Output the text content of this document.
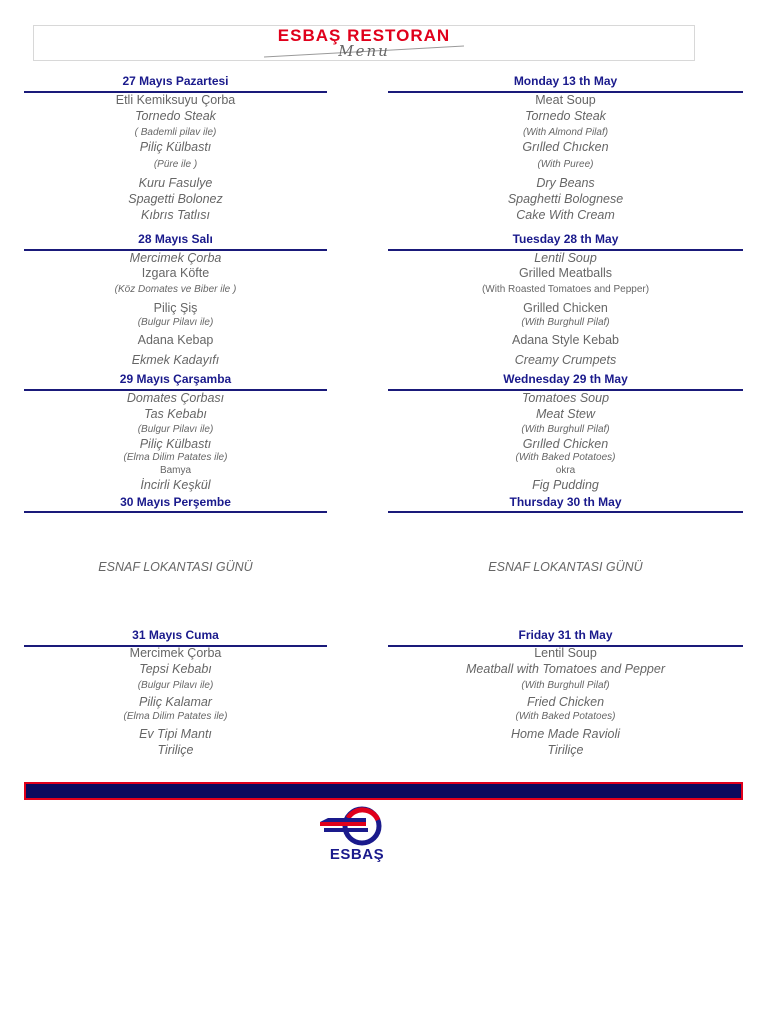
ESBAŞ RESTORAN
Menu
27 Mayıs Pazartesi
Etli Kemiksuyu Çorba
Tornedo Steak
( Bademli pilav ile)
Piliç Külbastı
(Püre ile )
Kuru Fasulye
Spagetti Bolonez
Kıbrıs Tatlısı
28 Mayıs Salı
Mercimek Çorba
Izgara Köfte
(Köz Domates ve Biber ile )
Piliç Şiş
(Bulgur Pilavı ile)
Adana Kebap
Ekmek Kadayıfı
29 Mayıs Çarşamba
Domates Çorbası
Tas Kebabı
(Bulgur Pilavı ile)
Piliç Külbastı
(Elma Dilim Patates ile)
Bamya
İncirli Keşkül
30 Mayıs Perşembe
ESNAF LOKANTASI GÜNÜ
31 Mayıs Cuma
Mercimek Çorba
Tepsi Kebabı
(Bulgur Pilavı ile)
Piliç Kalamar
(Elma Dilim Patates ile)
Ev Tipi Mantı
Tiriliçe
Monday 13 th May
Meat Soup
Tornedo Steak
(With Almond Pilaf)
Grılled Chıcken
(With Puree)
Dry Beans
Spaghetti Bolognese
Cake With Cream
Tuesday 28 th May
Lentil Soup
Grilled Meatballs
(With Roasted Tomatoes and Pepper)
Grilled Chicken
(With Burghull Pilaf)
Adana Style Kebab
Creamy Crumpets
Wednesday 29 th May
Tomatoes Soup
Meat Stew
(With Burghull Pilaf)
Grılled Chicken
(With Baked Potatoes)
okra
Fig Pudding
Thursday 30 th May
ESNAF LOKANTASI GÜNÜ
Friday 31 th May
Lentil Soup
Meatball with Tomatoes and Pepper
(With Burghull Pilaf)
Fried Chicken
(With Baked Potatoes)
Home Made Ravioli
Tiriliçe
ESBAŞ
